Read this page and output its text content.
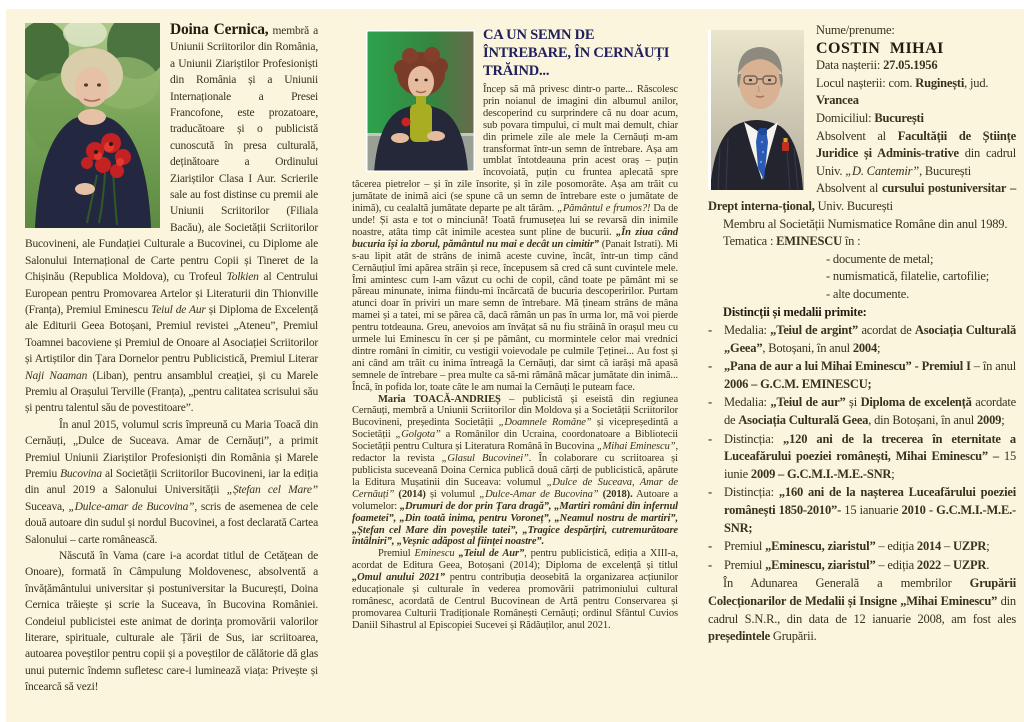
Doina Cernica, membră a Uniunii Scriitorilor din România, a Uniunii Ziariștilor Profesioniști din România și a Uniunii Internaționale a Presei Francofone, este prozatoare, traducătoare și o publicistă cunoscută în presa culturală, deținătoare a Ordinului Ziariștilor Clasa I Aur. Scrierile sale au fost distinse cu premii ale Uniunii Scriitorilor (Filiala Bacău), ale Societății Scriitorilor Bucovineni, ale Fundației Culturale a Bucovinei, cu Diplome ale Salonului Internațional de Carte pentru Copii și Tineret de la Chișinău (Republica Moldova), cu Trofeul Tolkien al Centrului European pentru Promovarea Artelor și Literaturii din Thionville (Franța), Premiul Eminescu Teiul de Aur și Diploma de Excelență ale Editurii Geea Botoșani, Premiul revistei „Ateneu”, Premiul Toamnei bacoviene și Premiul de Onoare al Asociației Scriitorilor și Artiștilor din Țara Dornelor pentru Publicistică, Premiul Literar Naji Naaman (Liban), pentru ansamblul creației, și cu Marele Premiu al Orașului Terville (Franța), „pentru calitatea scrisului său și pentru talentul său de povestitoare”.

În anul 2015, volumul scris împreună cu Maria Toacă din Cernăuți, „Dulce de Suceava. Amar de Cernăuți”, a primit Premiul Uniunii Ziariștilor Profesioniști din România și Marele Premiu Bucovina al Societății Scriitorilor Bucovineni, iar la ediția din anul 2019 a Salonului Universității „Ștefan cel Mare” Suceava, „Dulce-amar de Bucovina”, scris de asemenea de cele două autoare din sudul și nordul Bucovinei, a fost declarată Cartea Salonului – carte românească.

Născută în Vama (care i-a acordat titlul de Cetățean de Onoare), formată în Câmpulung Moldovenesc, absolventă a învățământului universitar și postuniversitar la București, Doina Cernica trăiește și scrie la Suceava, în Bucovina României. Condeiul publicistei este animat de dorința promovării valorilor literare, spirituale, culturale ale Țării de Sus, iar scriitoarea, autoarea poveștilor pentru copii și a poveștilor de călătorie dă glas unui puternic îndemn sufletesc care-i luminează viața: Privește și încearcă să vezi!

CA UN SEMN DE ÎNTREBARE, ÎN CERNĂUȚI TRĂIND...

Încep să mă privesc dintr-o parte... Răscolesc prin noianul de imagini din albumul anilor, descoperind cu surprindere că nu doar acum, sub povara timpului, ci mult mai demult, chiar din primele zile ale mele la Cernăuți m-am transformat într-un semn de întrebare. Așa am umblat întotdeauna prin acest oraș – puțin încovoiată, puțin cu fruntea aplecată spre tăcerea pietrelor – și în zile însorite, și în zile posomorâte. Așa am trăit cu jumătate de inimă aici (se spune că un semn de întrebare este o jumătate de inimă), cu cealaltă jumătate departe pe alt tărâm. „Pământul e frumos?! Da de unde! Și asta e tot o minciună! Toată frumusețea lui se revarsă din inimile noastre, atâta timp cât inimile acestea sunt pline de bucurii. „În ziua când bucuria își ia zborul, pământul nu mai e decât un cimitir” (Panait Istrati). Mi s-au lipit atât de strâns de inimă aceste cuvine, încât, într-un timp când Cernăuțiul îmi apărea străin și rece, începusem să cred că sunt cuvintele mele. Îmi amintesc cum l-am văzut cu ochi de copil, când toate pe pământ mi se păreau minunate, inima fiindu-mi încărcată de bucuria descoperirilor. Purtam atunci doar în priviri un mare semn de întrebare. Mă țineam strâns de mâna mamei și a tatei, mi se părea că, dacă rămân un pas în urma lor, mă voi pierde pentru totdeauna. Greu, anevoios am învățat să nu fiu străină în orașul meu cu urmele lui Eminescu în cer și pe pământ, cu mormintele celor mai vrednici dintre români în cimitir, cu vestigii voievodale pe culmile Țeținei... Au fost și ani când am trăit cu inima întreagă la Cernăuți, dar simt că iarăși mă apasă semnele de întrebare – prea multe ca să-mi rămână măcar jumătate din inimă... Încă, în pofida lor, toate câte le am numai la Cernăuți le puteam face.

Maria TOACĂ-ANDRIEȘ – publicistă și eseistă din regiunea Cernăuți, membră a Uniunii Scriitorilor din Moldova și a Societății Scriitorilor Bucovineni, președinta Societății „Doamnele Române” și vicepreședintă a Societății „Golgota” a Românilor din Ucraina, coordonatoare a Bibliotecii Societății pentru Cultura și Literatura Română în Bucovina „Mihai Eminescu”, redactor la revista „Glasul Bucovinei”. În colaborare cu scriitoarea și publicista suceveană Doina Cernica publică două cărți de publicistică, apărute la Editura Mușatinii din Suceava: volumul „Dulce de Suceava, Amar de Cernăuți” (2014) și volumul „Dulce-Amar de Bucovina” (2018). Autoare a volumelor: „Drumuri de dor prin Țara dragă”, „Martiri români din infernul foametei”, „Din toată inima, pentru Voroneț”, „Neamul nostru de martiri”, „Ștefan cel Mare din poveștile tatei”, „Tragice despărțiri, cutremurătoare întâlniri”, „Veșnic adăpost al ființei noastre”.

Premiul Eminescu „Teiul de Aur”, pentru publicistică, ediția a XIII-a, acordat de Editura Geea, Botoșani (2014); Diploma de excelență și titlul „Omul anului 2021” pentru contribuția deosebită la organizarea acțiunilor educaționale și culturale în vederea promovării patrimoniului cultural românesc, acordată de Centrul Bucovinean de Artă pentru Conservarea și promovarea Culturii Tradiționale Românești Cernăuți; ordinul Sfântul Cuvios Daniil Sihastrul al Episcopiei Sucevei și Rădăuților, anul 2021.

Nume/prenume:
COSTIN MIHAI
Data nașterii: 27.05.1956
Locul nașterii: com. Ruginești, jud. Vrancea
Domiciliul: București
Absolvent al Facultății de Științe Juridice și Adminis-trative din cadrul Univ. „D. Cantemir”, București
Absolvent al cursului postuniversitar – Drept interna-țional, Univ. București
Membru al Societății Numismatice Române din anul 1989.
Tematica : EMINESCU în :
- documente de metal;
- numismatică, filatelie, cartofilie;
- alte documente.
Distincții și medalii primite:
- Medalia: „Teiul de argint” acordat de Asociația Culturală „Geea”, Botoșani, în anul 2004;
- „Pana de aur a lui Mihai Eminescu” - Premiul I – în anul 2006 – G.C.M. EMINESCU;
- Medalia: „Teiul de aur” și Diploma de excelență acordate de Asociația Culturală Geea, din Botoșani, în anul 2009;
- Distincția: „120 ani de la trecerea în eternitate a Luceafărului poeziei românești, Mihai Eminescu” – 15 iunie 2009 – G.C.M.I.-M.E.-SNR;
- Distincția: „160 ani de la nașterea Luceafărului poeziei românești 1850-2010”- 15 ianuarie 2010 - G.C.M.I.-M.E.-SNR;
- Premiul „Eminescu, ziaristul” – ediția 2014 – UZPR;
- Premiul „Eminescu, ziaristul” – ediția 2022 – UZPR.
În Adunarea Generală a membrilor Grupării Colecționarilor de Medalii și Insigne „Mihai Eminescu” din cadrul S.N.R., din data de 12 ianuarie 2008, am fost ales președintele Grupării.
